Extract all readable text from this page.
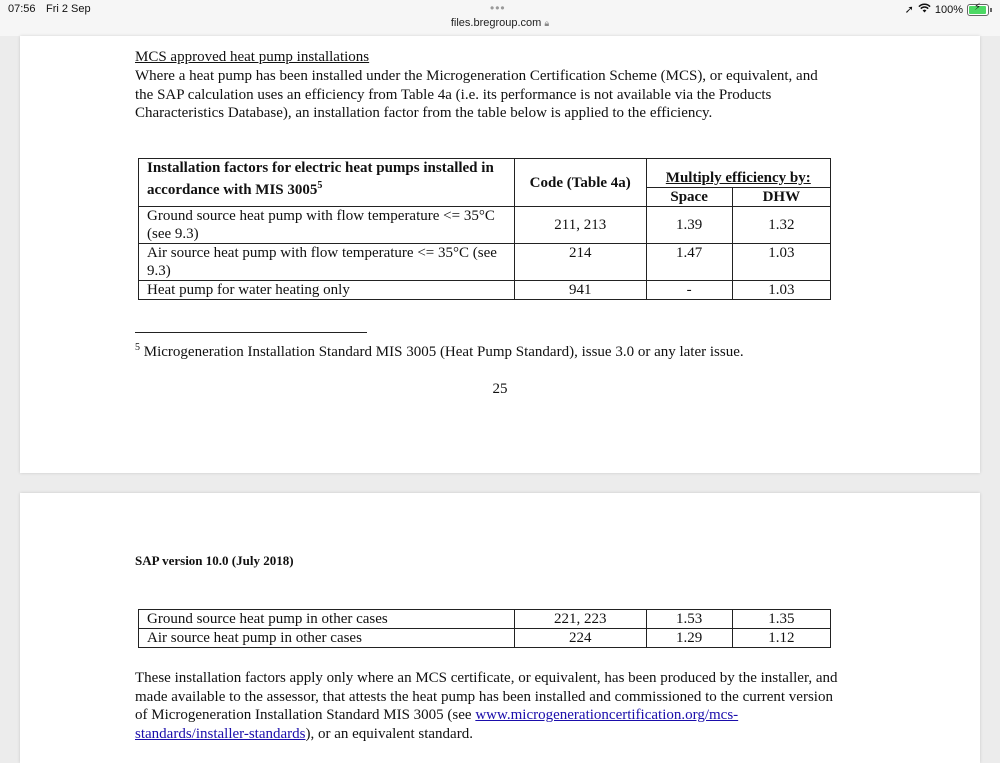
07:56 Fri 2 Sep	•••
files.bregroup.com 🔒︎
➚ 100% ⚡︎
MCS approved heat pump installations
Where a heat pump has been installed under the Microgeneration Certification Scheme (MCS), or equivalent, and the SAP calculation uses an efficiency from Table 4a (i.e. its performance is not available via the Products Characteristics Database), an installation factor from the table below is applied to the efficiency.
Installation factors for electric heat pumps installed in accordance with MIS 3005$^5$	Code (Table 4a)	Multiply efficiency by:	
		Space	DHW
Ground source heat pump with flow temperature <= 35°C (see 9.3)	211, 213	1.39	1.32
Air source heat pump with flow temperature <= 35°C (see 9.3)	214	1.47	1.03
Heat pump for water heating only	941	-	1.03
$^5$ Microgeneration Installation Standard MIS 3005 (Heat Pump Standard), issue 3.0 or any later issue.
25
SAP version 10.0 (July 2018)
Ground source heat pump in other cases	221, 223	1.53	1.35
Air source heat pump in other cases	224	1.29	1.12
These installation factors apply only where an MCS certificate, or equivalent, has been produced by the installer, and made available to the assessor, that attests the heat pump has been installed and commissioned to the current version of Microgeneration Installation Standard MIS 3005 (see www.microgenerationcertification.org/mcs-standards/installer-standards), or an equivalent standard.
